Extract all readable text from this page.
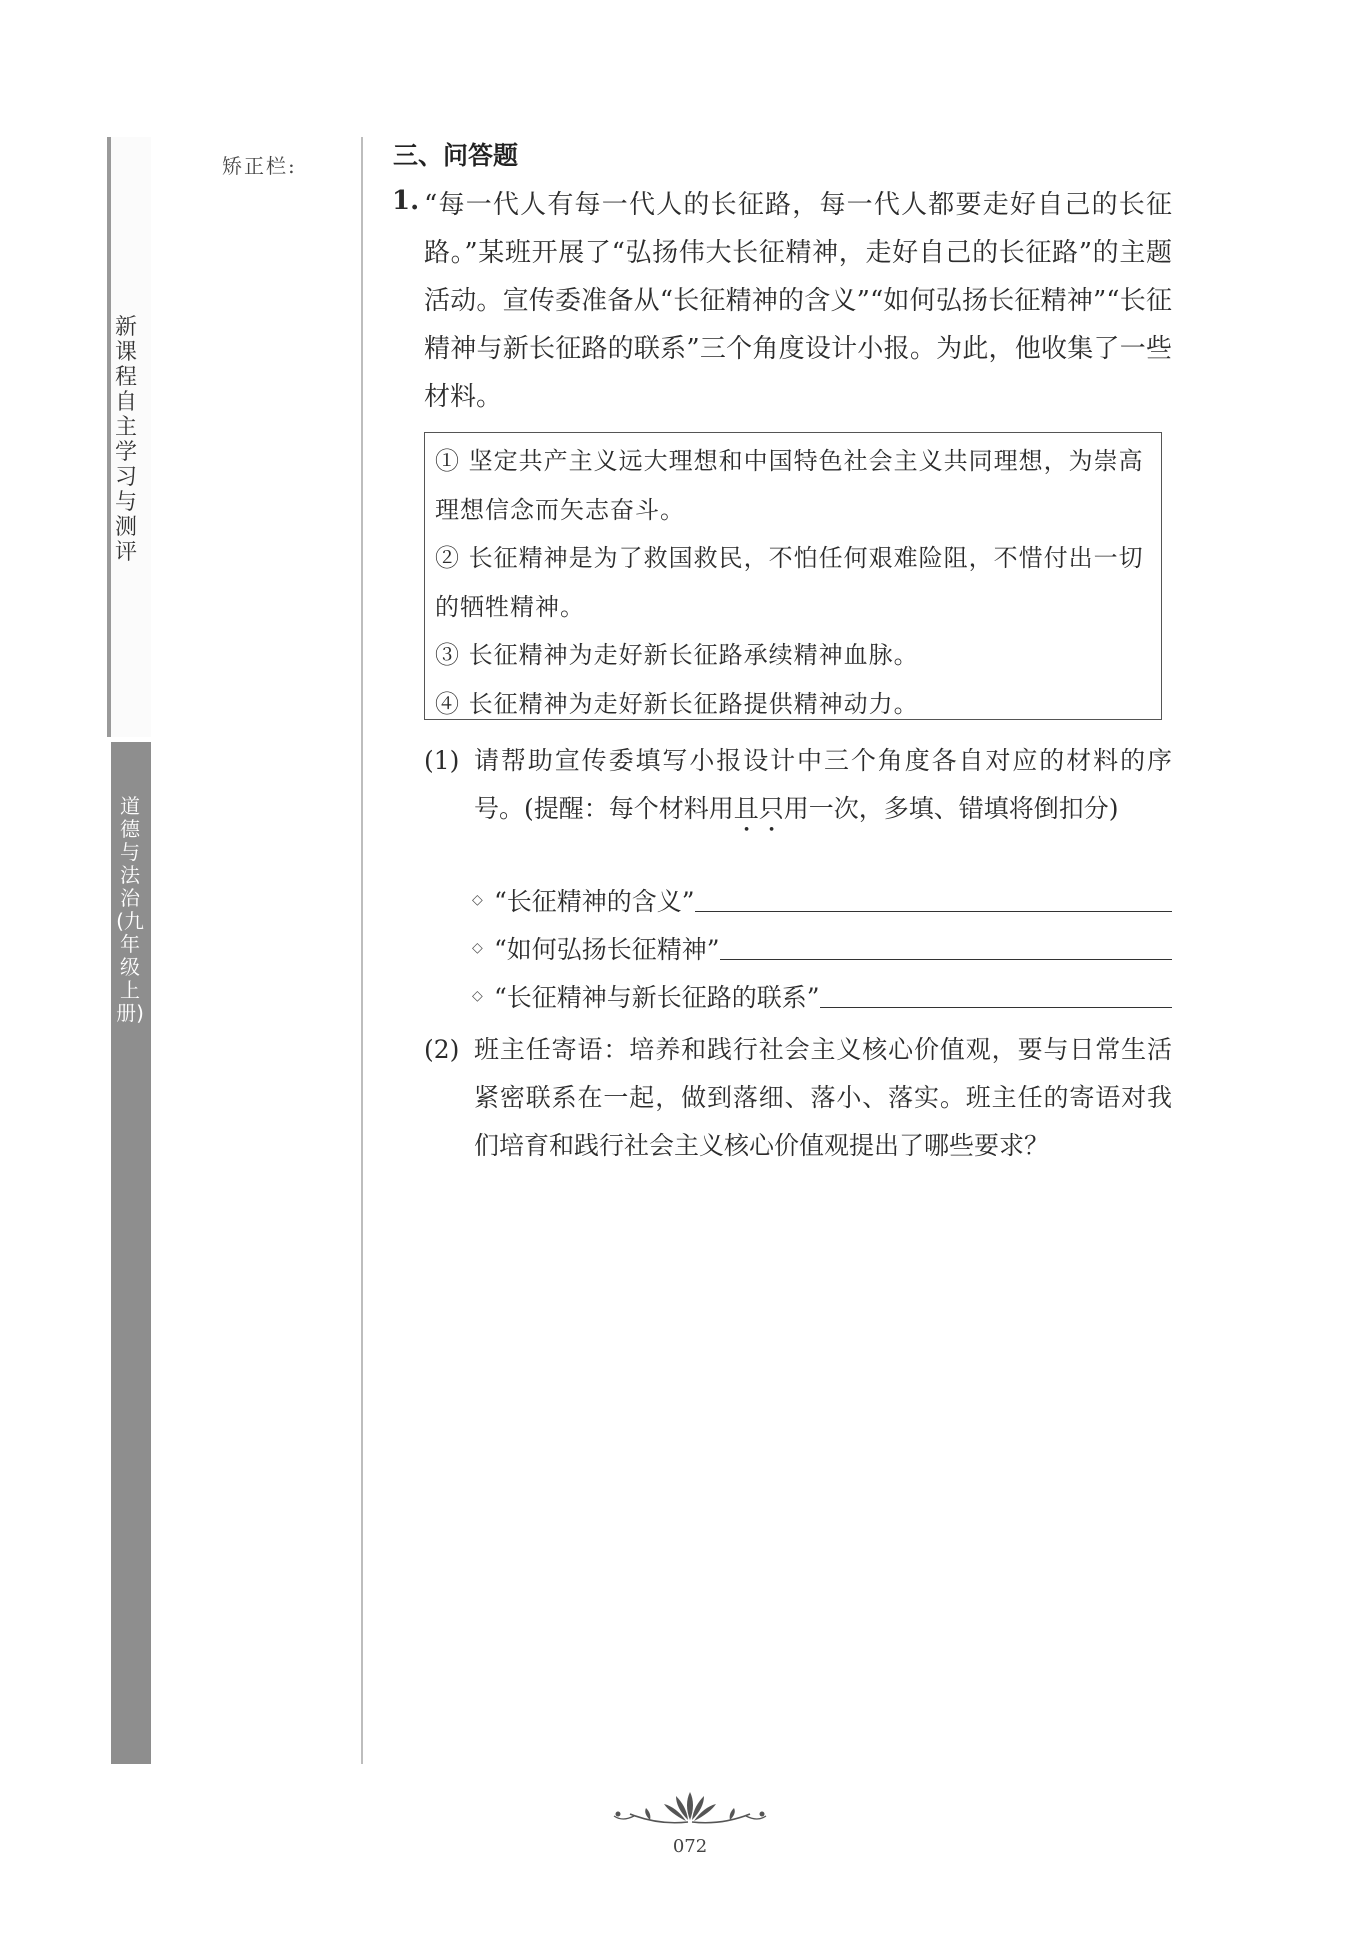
新课程自主学习与测评
道德与法治(九年级上册)
矫正栏:	三、问答题
1. “每一代人有每一代人的长征路，每一代人都要走好自己的长征路。”某班开展了“弘扬伟大长征精神，走好自己的长征路”的主题活动。宣传委准备从“长征精神的含义”“如何弘扬长征精神”“长征精神与新长征路的联系”三个角度设计小报。为此，他收集了一些材料。

① 坚定共产主义远大理想和中国特色社会主义共同理想，为崇高理想信念而矢志奋斗。

② 长征精神是为了救国救民，不怕任何艰难险阻，不惜付出一切的牺牲精神。

③ 长征精神为走好新长征路承续精神血脉。

④ 长征精神为走好新长征路提供精神动力。

(1) 请帮助宣传委填写小报设计中三个角度各自对应的材料的序号。(提醒：每个材料用且只用一次，多填、错填将倒扣分)
◇ “长征精神的含义”
◇ “如何弘扬长征精神”
◇ “长征精神与新长征路的联系”
(2) 班主任寄语：培养和践行社会主义核心价值观，要与日常生活紧密联系在一起，做到落细、落小、落实。班主任的寄语对我们培育和践行社会主义核心价值观提出了哪些要求？
072
